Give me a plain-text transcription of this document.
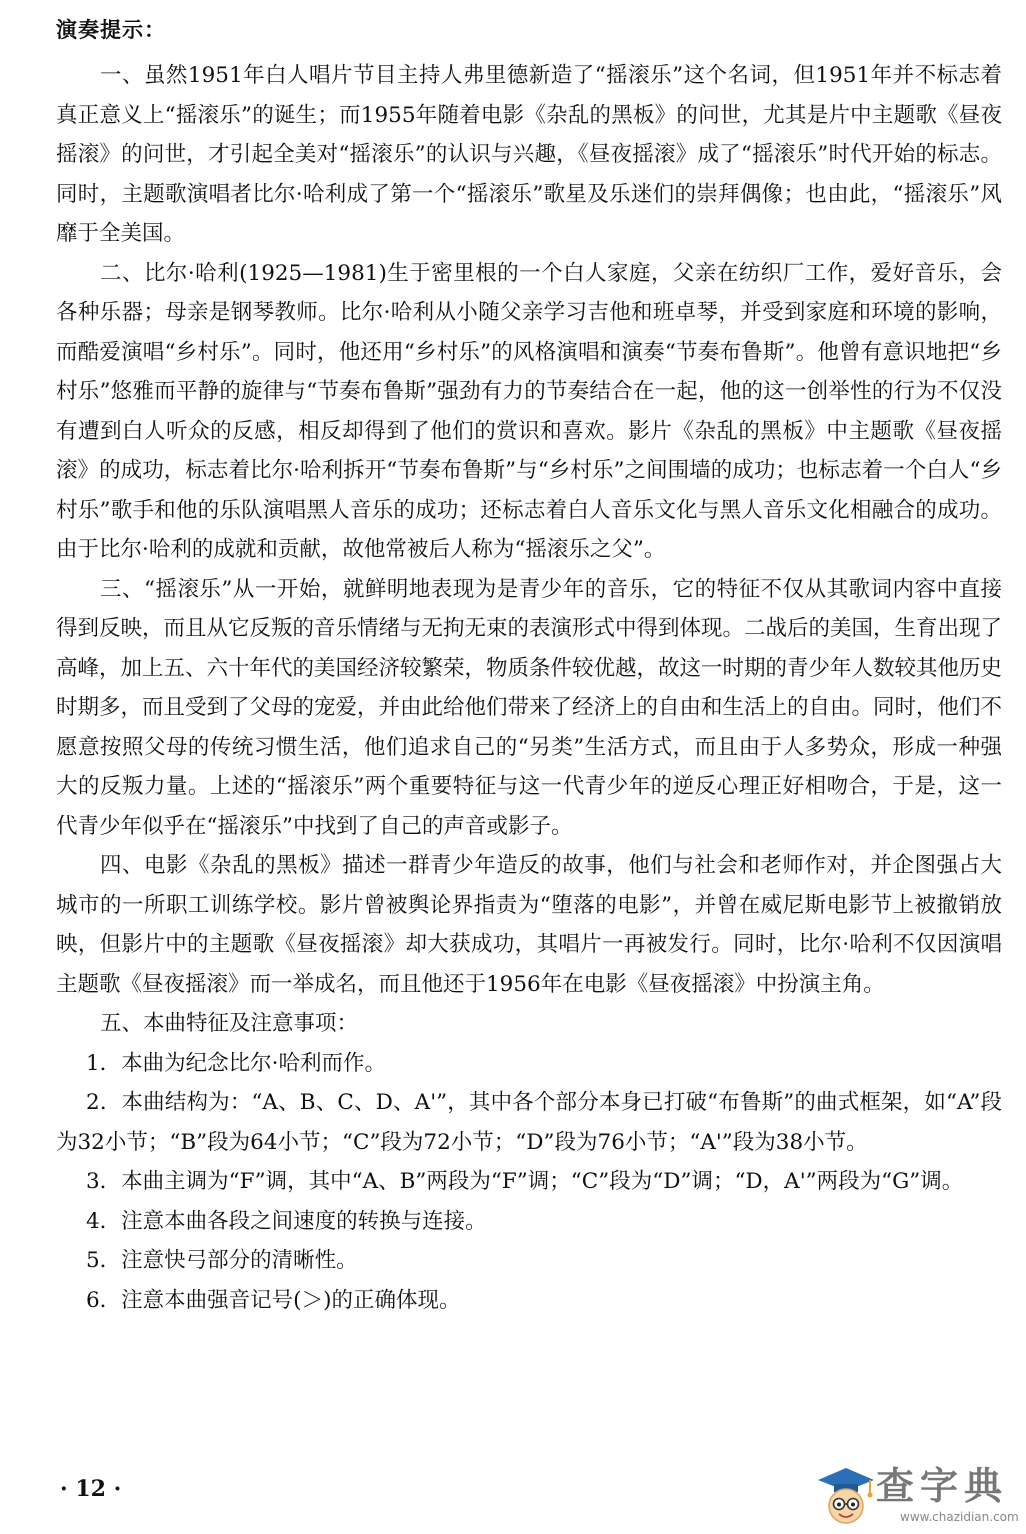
演奏提示：

一、虽然1951年白人唱片节目主持人弗里德新造了“摇滚乐”这个名词，但1951年并不标志着真正意义上“摇滚乐”的诞生；而1955年随着电影《杂乱的黑板》的问世，尤其是片中主题歌《昼夜摇滚》的问世，才引起全美对“摇滚乐”的认识与兴趣，《昼夜摇滚》成了“摇滚乐”时代开始的标志。同时，主题歌演唱者比尔·哈利成了第一个“摇滚乐”歌星及乐迷们的崇拜偶像；也由此，“摇滚乐”风靡于全美国。

二、比尔·哈利(1925—1981)生于密里根的一个白人家庭，父亲在纺织厂工作，爱好音乐，会各种乐器；母亲是钢琴教师。比尔·哈利从小随父亲学习吉他和班卓琴，并受到家庭和环境的影响，而酷爱演唱“乡村乐”。同时，他还用“乡村乐”的风格演唱和演奏“节奏布鲁斯”。他曾有意识地把“乡村乐”悠雅而平静的旋律与“节奏布鲁斯”强劲有力的节奏结合在一起，他的这一创举性的行为不仅没有遭到白人听众的反感，相反却得到了他们的赏识和喜欢。影片《杂乱的黑板》中主题歌《昼夜摇滚》的成功，标志着比尔·哈利拆开“节奏布鲁斯”与“乡村乐”之间围墙的成功；也标志着一个白人“乡村乐”歌手和他的乐队演唱黑人音乐的成功；还标志着白人音乐文化与黑人音乐文化相融合的成功。由于比尔·哈利的成就和贡献，故他常被后人称为“摇滚乐之父”。

三、“摇滚乐”从一开始，就鲜明地表现为是青少年的音乐，它的特征不仅从其歌词内容中直接得到反映，而且从它反叛的音乐情绪与无拘无束的表演形式中得到体现。二战后的美国，生育出现了高峰，加上五、六十年代的美国经济较繁荣，物质条件较优越，故这一时期的青少年人数较其他历史时期多，而且受到了父母的宠爱，并由此给他们带来了经济上的自由和生活上的自由。同时，他们不愿意按照父母的传统习惯生活，他们追求自己的“另类”生活方式，而且由于人多势众，形成一种强大的反叛力量。上述的“摇滚乐”两个重要特征与这一代青少年的逆反心理正好相吻合，于是，这一代青少年似乎在“摇滚乐”中找到了自己的声音或影子。

四、电影《杂乱的黑板》描述一群青少年造反的故事，他们与社会和老师作对，并企图强占大城市的一所职工训练学校。影片曾被舆论界指责为“堕落的电影”，并曾在威尼斯电影节上被撤销放映，但影片中的主题歌《昼夜摇滚》却大获成功，其唱片一再被发行。同时，比尔·哈利不仅因演唱主题歌《昼夜摇滚》而一举成名，而且他还于1956年在电影《昼夜摇滚》中扮演主角。

五、本曲特征及注意事项：

1．本曲为纪念比尔·哈利而作。

2．本曲结构为：“A、B、C、D、A'”，其中各个部分本身已打破“布鲁斯”的曲式框架，如“A”段为32小节；“B”段为64小节；“C”段为72小节；“D”段为76小节；“A'”段为38小节。

3．本曲主调为“F”调，其中“A、B”两段为“F”调；“C”段为“D”调；“D，A'”两段为“G”调。

4．注意本曲各段之间速度的转换与连接。

5．注意快弓部分的清晰性。

6．注意本曲强音记号(＞)的正确体现。

· 12 ·	查字典
www.chazidian.com
